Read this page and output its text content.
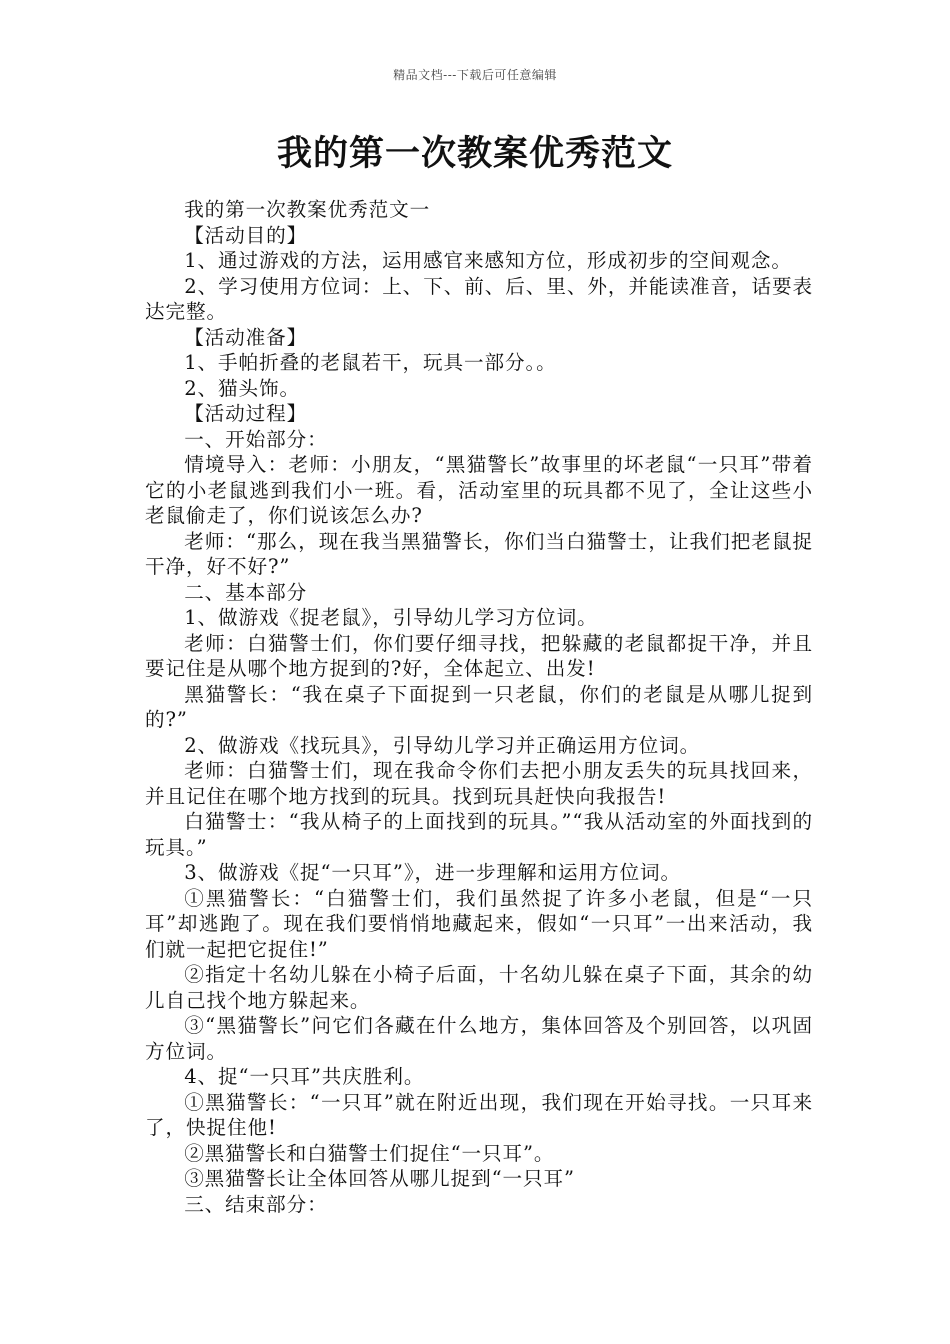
精品文档---下载后可任意编辑
我的第一次教案优秀范文

我的第一次教案优秀范文一

【活动目的】

1、通过游戏的方法，运用感官来感知方位，形成初步的空间观念。

2、学习使用方位词：上、下、前、后、里、外，并能读准音，话要表达完整。

【活动准备】

1、手帕折叠的老鼠若干，玩具一部分。。

2、猫头饰。

【活动过程】

一、开始部分：

情境导入：老师：小朋友，“黑猫警长”故事里的坏老鼠“一只耳”带着它的小老鼠逃到我们小一班。看，活动室里的玩具都不见了，全让这些小老鼠偷走了，你们说该怎么办?

老师：“那么，现在我当黑猫警长，你们当白猫警士，让我们把老鼠捉干净，好不好?”

二、基本部分

1、做游戏《捉老鼠》，引导幼儿学习方位词。

老师：白猫警士们，你们要仔细寻找，把躲藏的老鼠都捉干净，并且要记住是从哪个地方捉到的?好，全体起立、出发!

黑猫警长：“我在桌子下面捉到一只老鼠，你们的老鼠是从哪儿捉到的?”

2、做游戏《找玩具》，引导幼儿学习并正确运用方位词。

老师：白猫警士们，现在我命令你们去把小朋友丢失的玩具找回来，并且记住在哪个地方找到的玩具。找到玩具赶快向我报告!

白猫警士：“我从椅子的上面找到的玩具。”“我从活动室的外面找到的玩具。”

3、做游戏《捉“一只耳”》，进一步理解和运用方位词。

①黑猫警长：“白猫警士们，我们虽然捉了许多小老鼠，但是“一只耳”却逃跑了。现在我们要悄悄地藏起来，假如“一只耳”一出来活动，我们就一起把它捉住!”

②指定十名幼儿躲在小椅子后面，十名幼儿躲在桌子下面，其余的幼儿自己找个地方躲起来。

③“黑猫警长”问它们各藏在什么地方，集体回答及个别回答，以巩固方位词。

4、捉“一只耳”共庆胜利。

①黑猫警长：“一只耳”就在附近出现，我们现在开始寻找。一只耳来了，快捉住他!

②黑猫警长和白猫警士们捉住“一只耳”。

③黑猫警长让全体回答从哪儿捉到“一只耳”

三、结束部分：
